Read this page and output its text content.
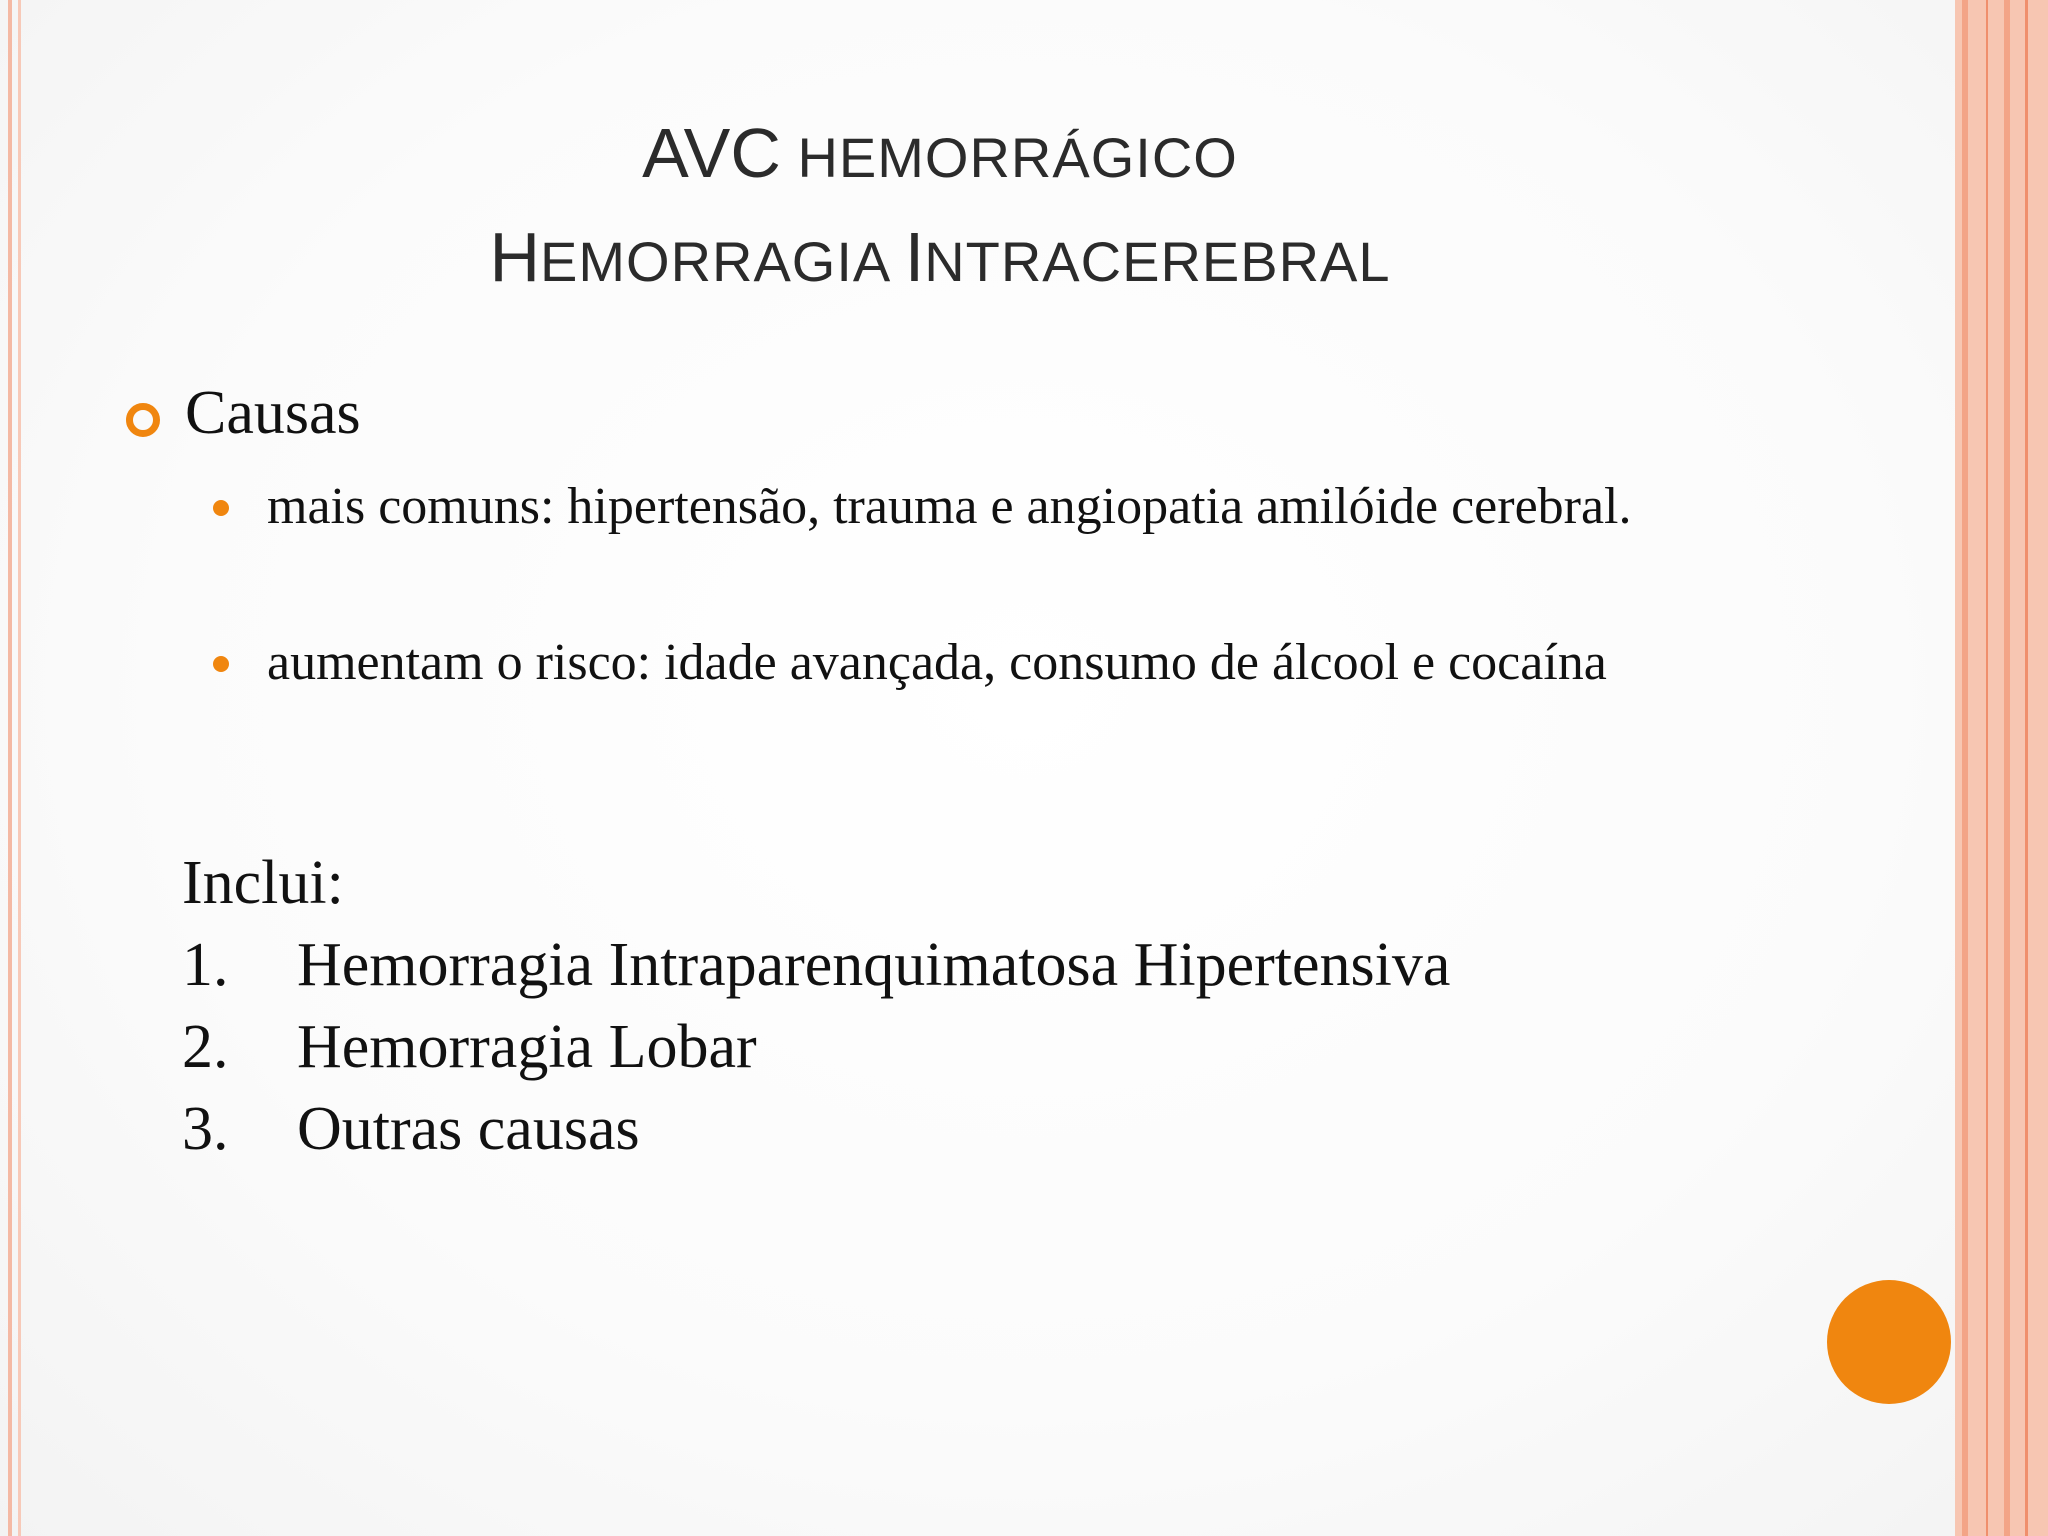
AVC HEMORRÁGICO
HEMORRAGIA INTRACEREBRAL
Causas
mais comuns: hipertensão, trauma e angiopatia amilóide cerebral.
aumentam o risco: idade avançada, consumo de álcool e cocaína
Inclui:
1. Hemorragia Intraparenquimatosa Hipertensiva
2. Hemorragia Lobar
3. Outras causas
